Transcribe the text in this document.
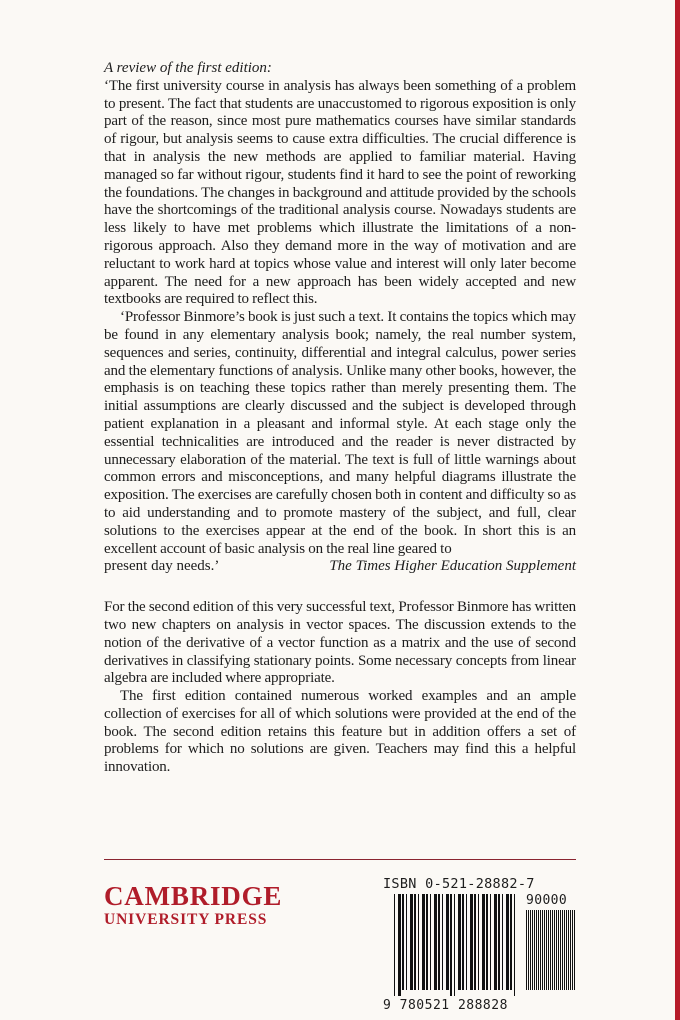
A review of the first edition:

‘The first university course in analysis has always been something of a problem to present. The fact that students are unaccustomed to rigorous exposition is only part of the reason, since most pure mathematics courses have similar standards of rigour, but analysis seems to cause extra difficulties. The crucial difference is that in analysis the new methods are applied to familiar material. Having managed so far without rigour, students find it hard to see the point of reworking the foundations. The changes in background and attitude provided by the schools have the shortcomings of the traditional analysis course. Nowadays students are less likely to have met problems which illustrate the limitations of a non-rigorous approach. Also they demand more in the way of motivation and are reluctant to work hard at topics whose value and interest will only later become apparent. The need for a new approach has been widely accepted and new textbooks are required to reflect this.

‘Professor Binmore’s book is just such a text. It contains the topics which may be found in any elementary analysis book; namely, the real number system, sequences and series, continuity, differential and integral calculus, power series and the elementary functions of analysis. Unlike many other books, however, the emphasis is on teaching these topics rather than merely presenting them. The initial assumptions are clearly discussed and the subject is developed through patient explanation in a pleasant and informal style. At each stage only the essential technicalities are introduced and the reader is never distracted by unnecessary elaboration of the material. The text is full of little warnings about common errors and misconceptions, and many helpful diagrams illustrate the exposition. The exercises are carefully chosen both in content and difficulty so as to aid understanding and to promote mastery of the subject, and full, clear solutions to the exercises appear at the end of the book. In short this is an excellent account of basic analysis on the real line geared to

present day needs.’	The Times Higher Education Supplement

For the second edition of this very successful text, Professor Binmore has written two new chapters on analysis in vector spaces. The discussion extends to the notion of the derivative of a vector function as a matrix and the use of second derivatives in classifying stationary points. Some necessary concepts from linear algebra are included where appropriate.

The first edition contained numerous worked examples and an ample collection of exercises for all of which solutions were provided at the end of the book. The second edition retains this feature but in addition offers a set of problems for which no solutions are given. Teachers may find this a helpful innovation.

CAMBRIDGE
UNIVERSITY PRESS
ISBN 0-521-28882-7
90000
9 780521 288828
